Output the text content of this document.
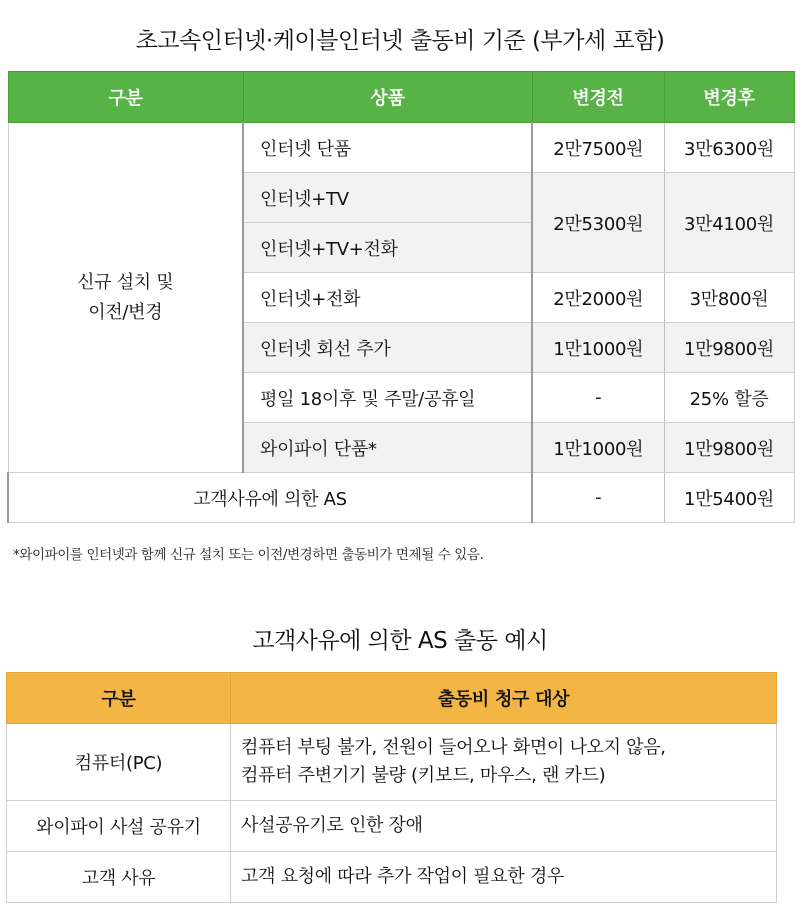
초고속인터넷·케이블인터넷 출동비 기준 (부가세 포함)
구분	상품	변경전	변경후
신규 설치 및
이전/변경	인터넷 단품	2만7500원	3만6300원
	인터넷+TV	2만5300원	3만4100원
	인터넷+TV+전화		
	인터넷+전화	2만2000원	3만800원
	인터넷 회선 추가	1만1000원	1만9800원
	평일 18이후 및 주말/공휴일	-	25% 할증
	와이파이 단품*	1만1000원	1만9800원
고객사유에 의한 AS		-	1만5400원
*와이파이를 인터넷과 함께 신규 설치 또는 이전/변경하면 출동비가 면제될 수 있음.
고객사유에 의한 AS 출동 예시
구분	출동비 청구 대상
컴퓨터(PC)	컴퓨터 부팅 불가, 전원이 들어오나 화면이 나오지 않음,
컴퓨터 주변기기 불량 (키보드, 마우스, 랜 카드)

와이파이 사설 공유기	사설공유기로 인한 장애
고객 사유	고객 요청에 따라 추가 작업이 필요한 경우
